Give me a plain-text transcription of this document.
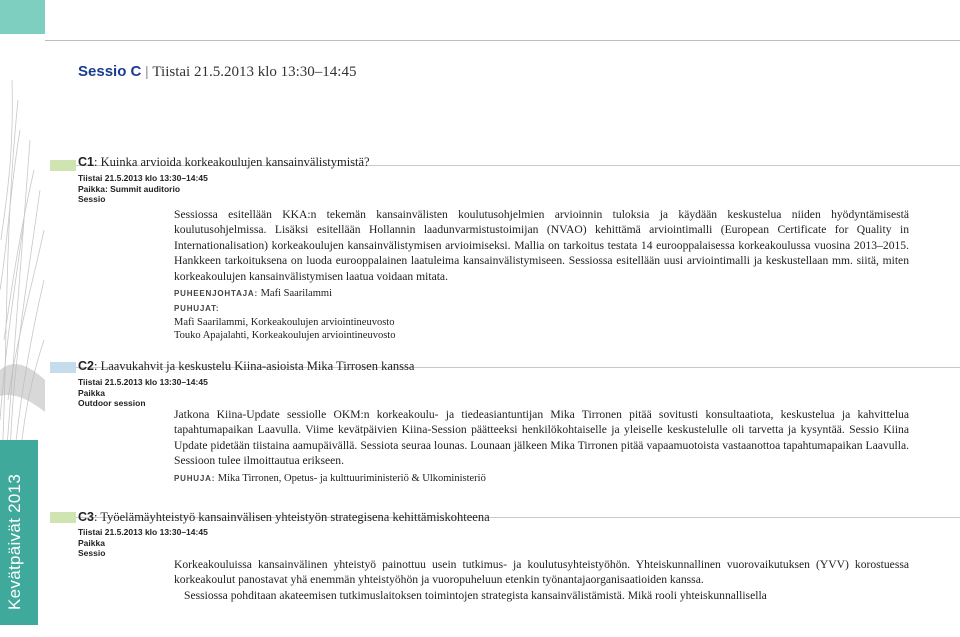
Kevätpäivät 2013
Sessio C | Tiistai 21.5.2013 klo 13:30–14:45
C1: Kuinka arvioida korkeakoulujen kansainvälistymistä?
Tiistai 21.5.2013 klo 13:30–14:45
Paikka: Summit auditorio
Sessio

Sessiossa esitellään KKA:n tekemän kansainvälisten koulutusohjelmien arvioinnin tuloksia ja käydään keskustelua niiden hyödyntämisestä koulutusohjelmissa. Lisäksi esitellään Hollannin laadunvarmistustoimijan (NVAO) kehittämä arviointimalli (European Certificate for Quality in Internationalisation) korkeakoulujen kansainvälistymisen arvioimiseksi. Mallia on tarkoitus testata 14 eurooppalaisessa korkeakoulussa vuosina 2013–2015. Hankkeen tarkoituksena on luoda eurooppalainen laatuleima kansainvälistymiseen. Sessiossa esitellään uusi arviointimalli ja keskustellaan mm. siitä, miten korkeakoulujen kansainvälistymisen laatua voidaan mitata.

PUHEENJOHTAJA: Mafi Saarilammi
PUHUJAT:
Mafi Saarilammi, Korkeakoulujen arviointineuvosto
Touko Apajalahti, Korkeakoulujen arviointineuvosto
C2: Laavukahvit ja keskustelu Kiina-asioista Mika Tirrosen kanssa
Tiistai 21.5.2013 klo 13:30–14:45
Paikka
Outdoor session

Jatkona Kiina-Update sessiolle OKM:n korkeakoulu- ja tiedeasiantuntijan Mika Tirronen pitää sovitusti konsultaatiota, keskustelua ja kahvittelua tapahtumapaikan Laavulla. Viime kevätpäivien Kiina-Session päätteeksi henkilökohtaiselle ja yleiselle keskustelulle oli tarvetta ja kysyntää. Sessio Kiina Update pidetään tiistaina aamupäivällä. Sessiota seuraa lounas. Lounaan jälkeen Mika Tirronen pitää vapaamuotoista vastaanottoa tapahtumapaikan Laavulla. Sessioon tulee ilmoittautua erikseen.

PUHUJA: Mika Tirronen, Opetus- ja kulttuuriministeriö & Ulkoministeriö
C3: Työelämäyhteistyö kansainvälisen yhteistyön strategisena kehittämiskohteena
Tiistai 21.5.2013 klo 13:30–14:45
Paikka
Sessio

Korkeakouluissa kansainvälinen yhteistyö painottuu usein tutkimus- ja koulutusyhteistyöhön. Yhteiskunnallinen vuorovaikutuksen (YVV) korostuessa korkeakoulut panostavat yhä enemmän yhteistyöhön ja vuoropuheluun etenkin työnantajaorganisaatioiden kanssa.

Sessiossa pohditaan akateemisen tutkimuslaitoksen toimintojen strategista kansainvälistämistä. Mikä rooli yhteiskunnallisella
